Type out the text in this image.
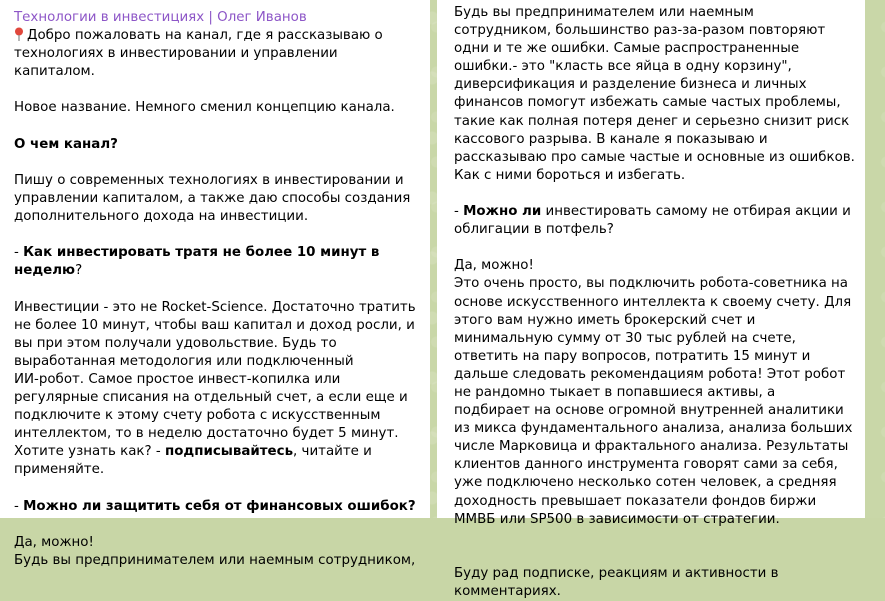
Технологии в инвестициях | Олег Иванов

Добро пожаловать на канал, где я рассказываю о технологиях в инвестировании и управлении капиталом.

Новое название. Немного сменил концепцию канала.

О чем канал?

Пишу о современных технологиях в инвестировании и управлении капиталом, а также даю способы создания дополнительного дохода на инвестиции.

- Как инвестировать тратя не более 10 минут в неделю?

Инвестиции - это не Rocket-Science. Достаточно тратить не более 10 минут, чтобы ваш капитал и доход росли, и вы при этом получали удовольствие. Будь то выработанная методология или подключенный

ИИ-робот. Самое простое инвест-копилка или регулярные списания на отдельный счет, а если еще и подключите к этому счету робота с искусственным интеллектом, то в неделю достаточно будет 5 минут.

Хотите узнать как? - подписывайтесь, читайте и применяйте.

- Можно ли защитить себя от финансовых ошибок?

Да, можно!

Будь вы предпринимателем или наемным сотрудником,

Будь вы предпринимателем или наемным сотрудником, большинство раз-за-разом повторяют одни и те же ошибки. Самые распространенные ошибки.- это "класть все яйца в одну корзину", диверсификация и разделение бизнеса и личных финансов помогут избежать самые частых проблемы, такие как полная потеря денег и серьезно снизит риск кассового разрыва. В канале я показываю и рассказываю про самые частые и основные из ошибков. Как с ними бороться и избегать.

- Можно ли инвестировать самому не отбирая акции и облигации в потфель?

Да, можно!

Это очень просто, вы подключить робота-советника на основе искусственного интеллекта к своему счету. Для этого вам нужно иметь брокерский счет и минимальную сумму от 30 тыс рублей на счете, ответить на пару вопросов, потратить 15 минут и дальше следовать рекомендациям робота! Этот робот не рандомно тыкает в попавшиеся активы, а подбирает на основе огромной внутренней аналитики из микса фундаментального анализа, анализа больших числе Марковица и фрактального анализа. Результаты клиентов данного инструмента говорят сами за себя, уже подключено несколько сотен человек, а средняя доходность превышает показатели фондов биржи ММВБ или SP500 в зависимости от стратегии.

Буду рад подписке, реакциям и активности в комментариях.
